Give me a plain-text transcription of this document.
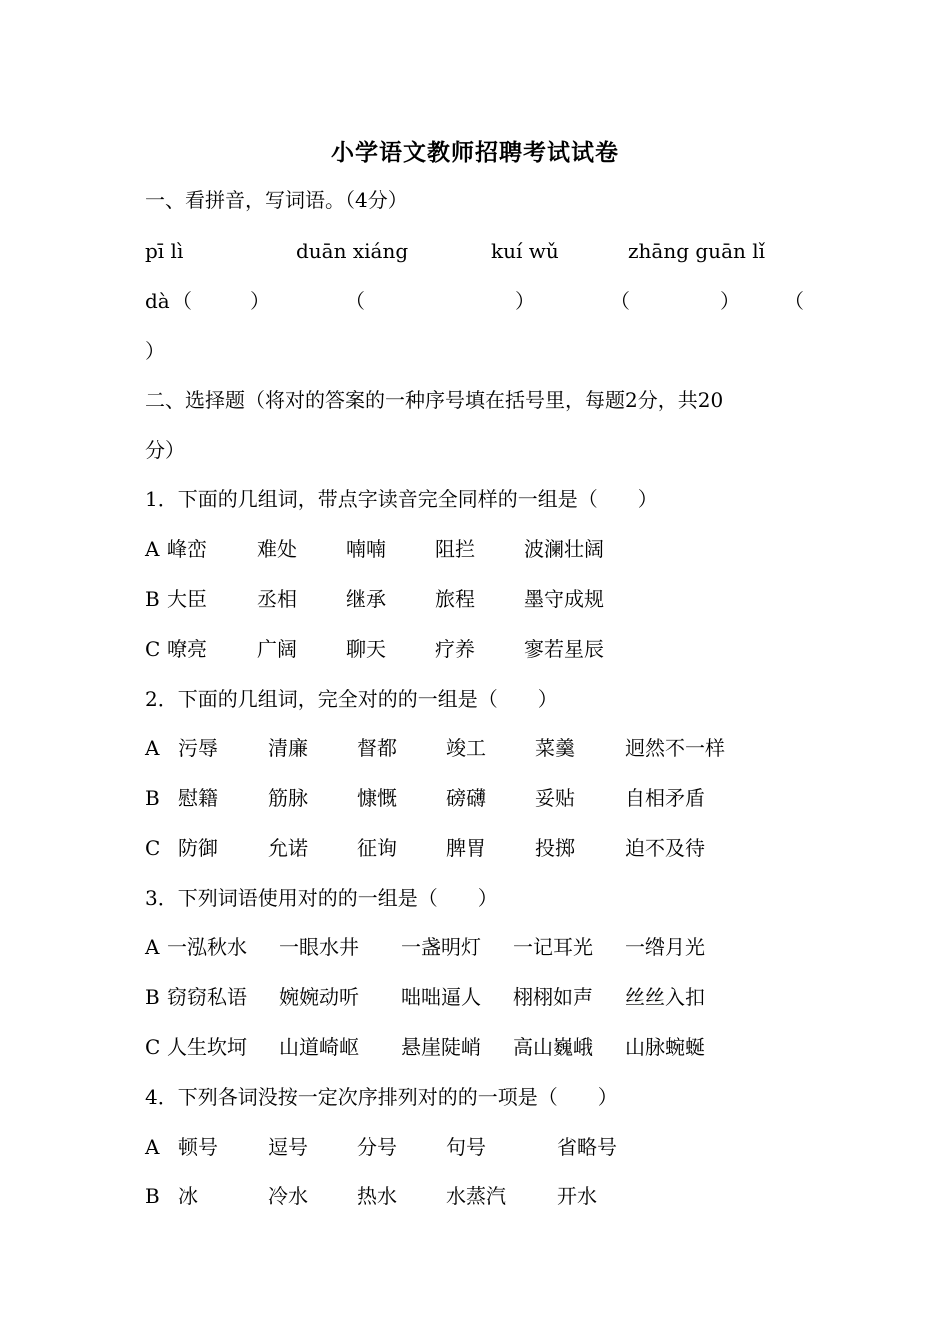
小学语文教师招聘考试试卷
一、看拼音，写词语。（4分）
pī lì	duān xiáng	kuí wǔ	zhāng guān lǐ
dà （	）	（	）	（	） （
）
二、选择题（将对的答案的一种序号填在括号里，每题2分，共20
分）
1．下面的几组词，带点字读音完全同样的一组是（　　）
A 峰峦	难处 喃喃 阻拦 波澜壮阔
B 大臣	丞相 继承 旅程 墨守成规
C 嘹亮	广阔 聊天 疗养 寥若星辰
2．下面的几组词，完全对的的一组是（　　）
A 污辱	清廉 督都 竣工 菜羹	迥然不一样
B 慰籍	筋脉 慷慨 磅礴 妥贴	自相矛盾
C 防御	允诺 征询 脾胃 投掷	迫不及待
3．下列词语使用对的的一组是（　　）
A 一泓秋水 一眼水井 一盏明灯 一记耳光 一绺月光
B 窃窃私语 婉婉动听 咄咄逼人 栩栩如声 丝丝入扣
C 人生坎坷 山道崎岖 悬崖陡峭 高山巍峨 山脉蜿蜒
4．下列各词没按一定次序排列对的的一项是（　　）
A 顿号	逗号 分号 句号	省略号
B 冰	冷水 热水 水蒸汽	开水
